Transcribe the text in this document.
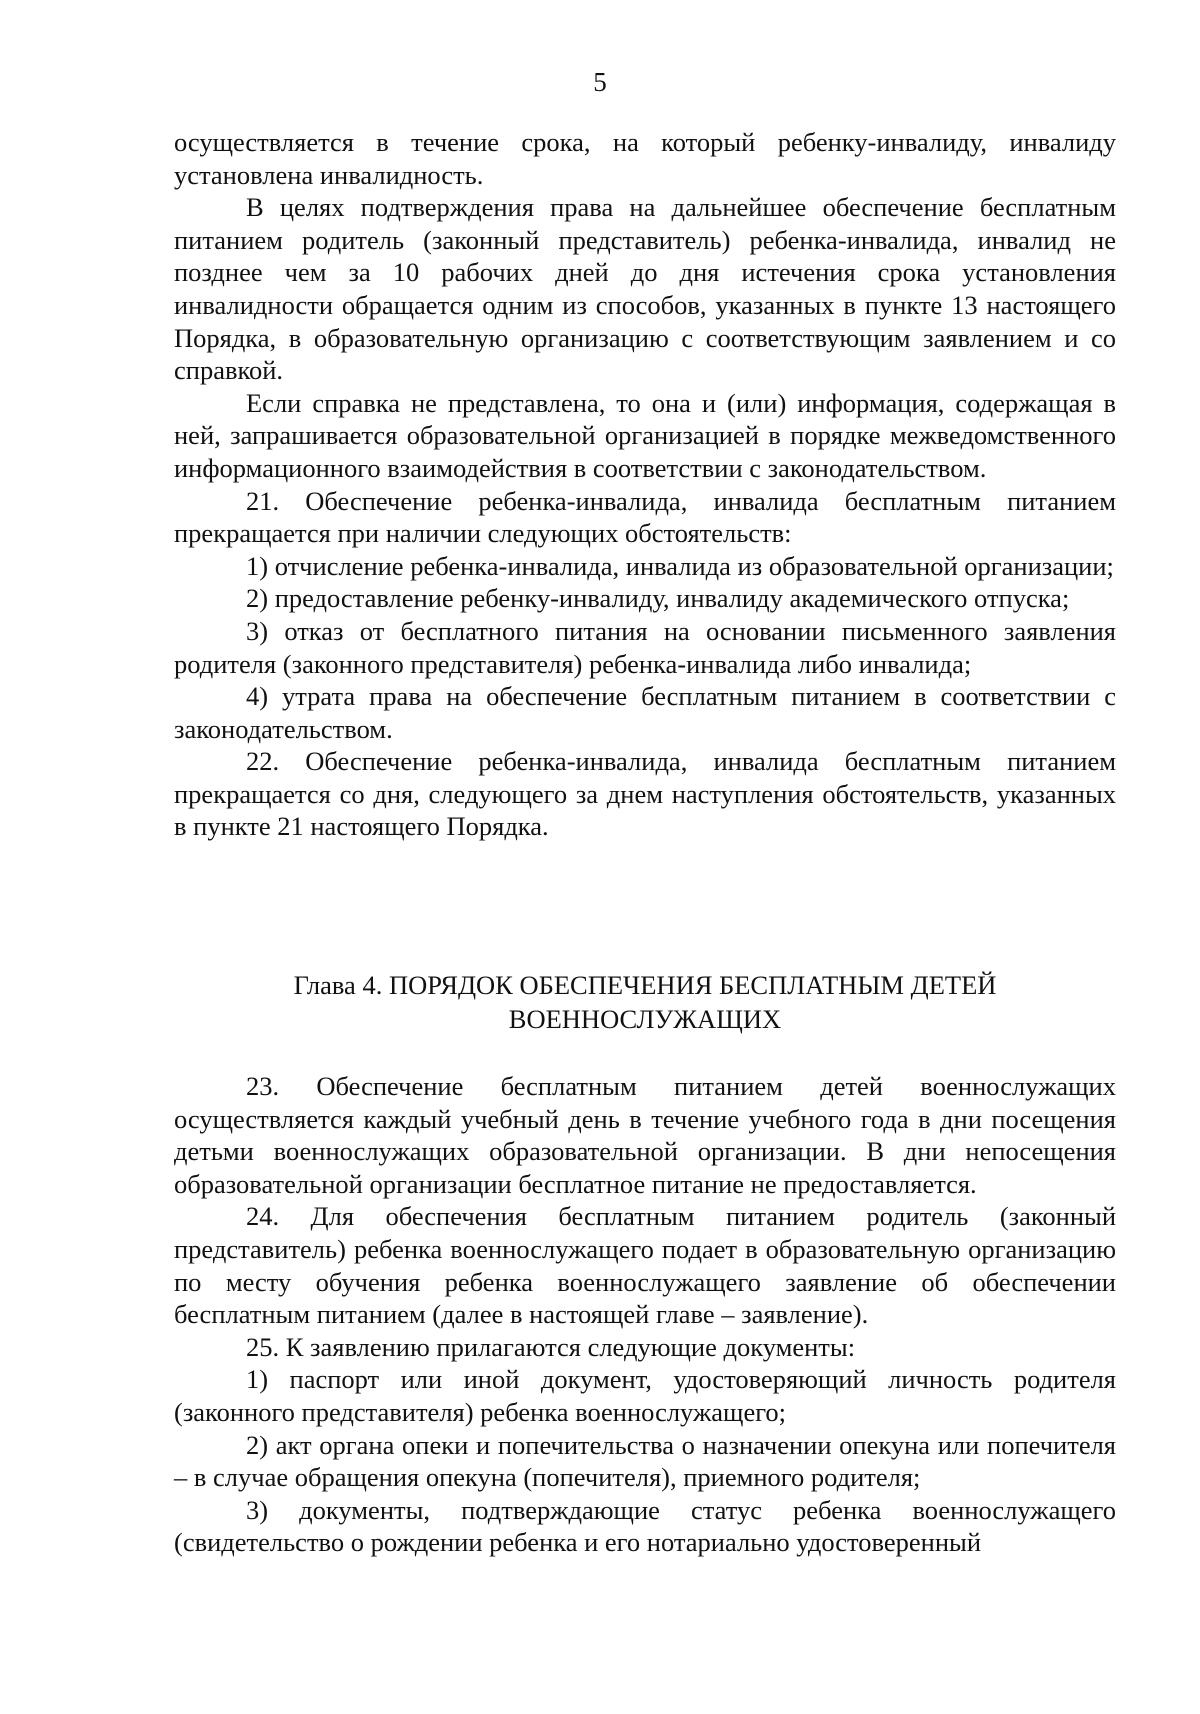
5

осуществляется в течение срока, на который ребенку-инвалиду, инвалиду установлена инвалидность.

В целях подтверждения права на дальнейшее обеспечение бесплатным питанием родитель (законный представитель) ребенка-инвалида, инвалид не позднее чем за 10 рабочих дней до дня истечения срока установления инвалидности обращается одним из способов, указанных в пункте 13 настоящего Порядка, в образовательную организацию с соответствующим заявлением и со справкой.

Если справка не представлена, то она и (или) информация, содержащая в ней, запрашивается образовательной организацией в порядке межведомственного информационного взаимодействия в соответствии с законодательством.

21. Обеспечение ребенка-инвалида, инвалида бесплатным питанием прекращается при наличии следующих обстоятельств:

1) отчисление ребенка-инвалида, инвалида из образовательной организации;

2) предоставление ребенку-инвалиду, инвалиду академического отпуска;

3) отказ от бесплатного питания на основании письменного заявления родителя (законного представителя) ребенка-инвалида либо инвалида;

4) утрата права на обеспечение бесплатным питанием в соответствии с законодательством.

22. Обеспечение ребенка-инвалида, инвалида бесплатным питанием прекращается со дня, следующего за днем наступления обстоятельств, указанных в пункте 21 настоящего Порядка.

Глава 4. ПОРЯДОК ОБЕСПЕЧЕНИЯ БЕСПЛАТНЫМ ДЕТЕЙ
ВОЕННОСЛУЖАЩИХ

23. Обеспечение бесплатным питанием детей военнослужащих осуществляется каждый учебный день в течение учебного года в дни посещения детьми военнослужащих образовательной организации. В дни непосещения образовательной организации бесплатное питание не предоставляется.

24. Для обеспечения бесплатным питанием родитель (законный представитель) ребенка военнослужащего подает в образовательную организацию по месту обучения ребенка военнослужащего заявление об обеспечении бесплатным питанием (далее в настоящей главе – заявление).

25. К заявлению прилагаются следующие документы:

1) паспорт или иной документ, удостоверяющий личность родителя (законного представителя) ребенка военнослужащего;

2) акт органа опеки и попечительства о назначении опекуна или попечителя – в случае обращения опекуна (попечителя), приемного родителя;

3) документы, подтверждающие статус ребенка военнослужащего (свидетельство о рождении ребенка и его нотариально удостоверенный
